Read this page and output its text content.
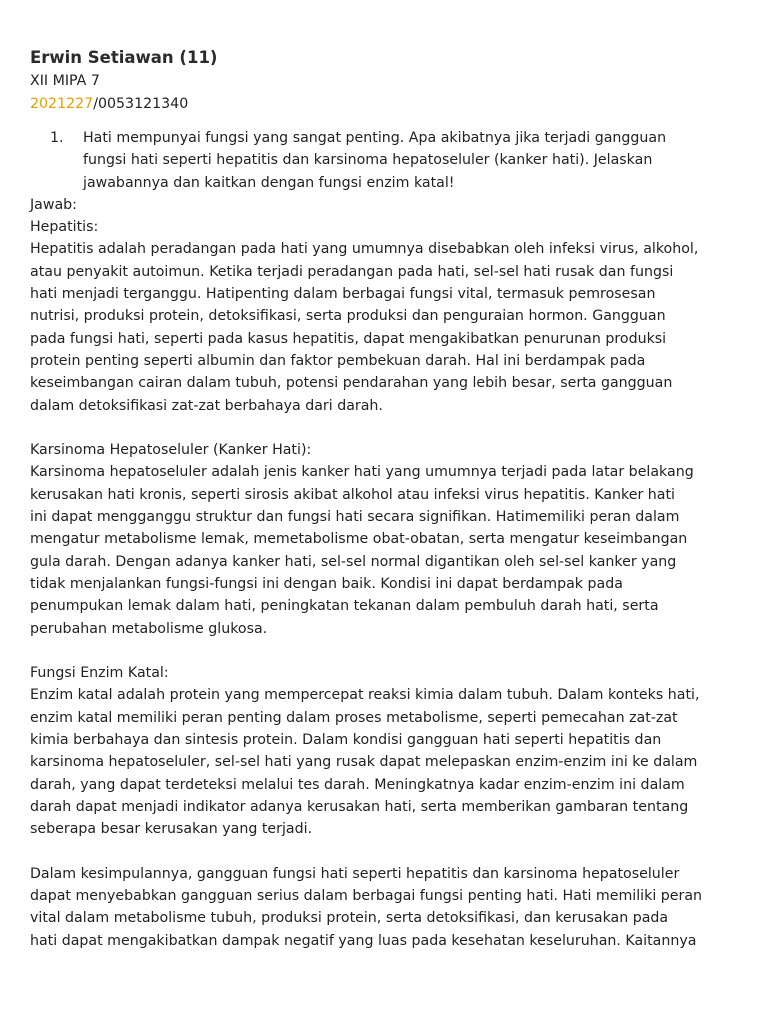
Erwin Setiawan (11)

XII MIPA 7

2021227/0053121340

1. Hati mempunyai fungsi yang sangat penting. Apa akibatnya jika terjadi gangguan

fungsi hati seperti hepatitis dan karsinoma hepatoseluler (kanker hati). Jelaskan

jawabannya dan kaitkan dengan fungsi enzim katal!

Jawab:

Hepatitis:

Hepatitis adalah peradangan pada hati yang umumnya disebabkan oleh infeksi virus, alkohol,

atau penyakit autoimun. Ketika terjadi peradangan pada hati, sel-sel hati rusak dan fungsi

hati menjadi terganggu. Hatipenting dalam berbagai fungsi vital, termasuk pemrosesan

nutrisi, produksi protein, detoksifikasi, serta produksi dan penguraian hormon. Gangguan

pada fungsi hati, seperti pada kasus hepatitis, dapat mengakibatkan penurunan produksi

protein penting seperti albumin dan faktor pembekuan darah. Hal ini berdampak pada

keseimbangan cairan dalam tubuh, potensi pendarahan yang lebih besar, serta gangguan

dalam detoksifikasi zat-zat berbahaya dari darah.

Karsinoma Hepatoseluler (Kanker Hati):

Karsinoma hepatoseluler adalah jenis kanker hati yang umumnya terjadi pada latar belakang

kerusakan hati kronis, seperti sirosis akibat alkohol atau infeksi virus hepatitis. Kanker hati

ini dapat mengganggu struktur dan fungsi hati secara signifikan. Hatimemiliki peran dalam

mengatur metabolisme lemak, memetabolisme obat-obatan, serta mengatur keseimbangan

gula darah. Dengan adanya kanker hati, sel-sel normal digantikan oleh sel-sel kanker yang

tidak menjalankan fungsi-fungsi ini dengan baik. Kondisi ini dapat berdampak pada

penumpukan lemak dalam hati, peningkatan tekanan dalam pembuluh darah hati, serta

perubahan metabolisme glukosa.

Fungsi Enzim Katal:

Enzim katal adalah protein yang mempercepat reaksi kimia dalam tubuh. Dalam konteks hati,

enzim katal memiliki peran penting dalam proses metabolisme, seperti pemecahan zat-zat

kimia berbahaya dan sintesis protein. Dalam kondisi gangguan hati seperti hepatitis dan

karsinoma hepatoseluler, sel-sel hati yang rusak dapat melepaskan enzim-enzim ini ke dalam

darah, yang dapat terdeteksi melalui tes darah. Meningkatnya kadar enzim-enzim ini dalam

darah dapat menjadi indikator adanya kerusakan hati, serta memberikan gambaran tentang

seberapa besar kerusakan yang terjadi.

Dalam kesimpulannya, gangguan fungsi hati seperti hepatitis dan karsinoma hepatoseluler

dapat menyebabkan gangguan serius dalam berbagai fungsi penting hati. Hati memiliki peran

vital dalam metabolisme tubuh, produksi protein, serta detoksifikasi, dan kerusakan pada

hati dapat mengakibatkan dampak negatif yang luas pada kesehatan keseluruhan. Kaitannya
